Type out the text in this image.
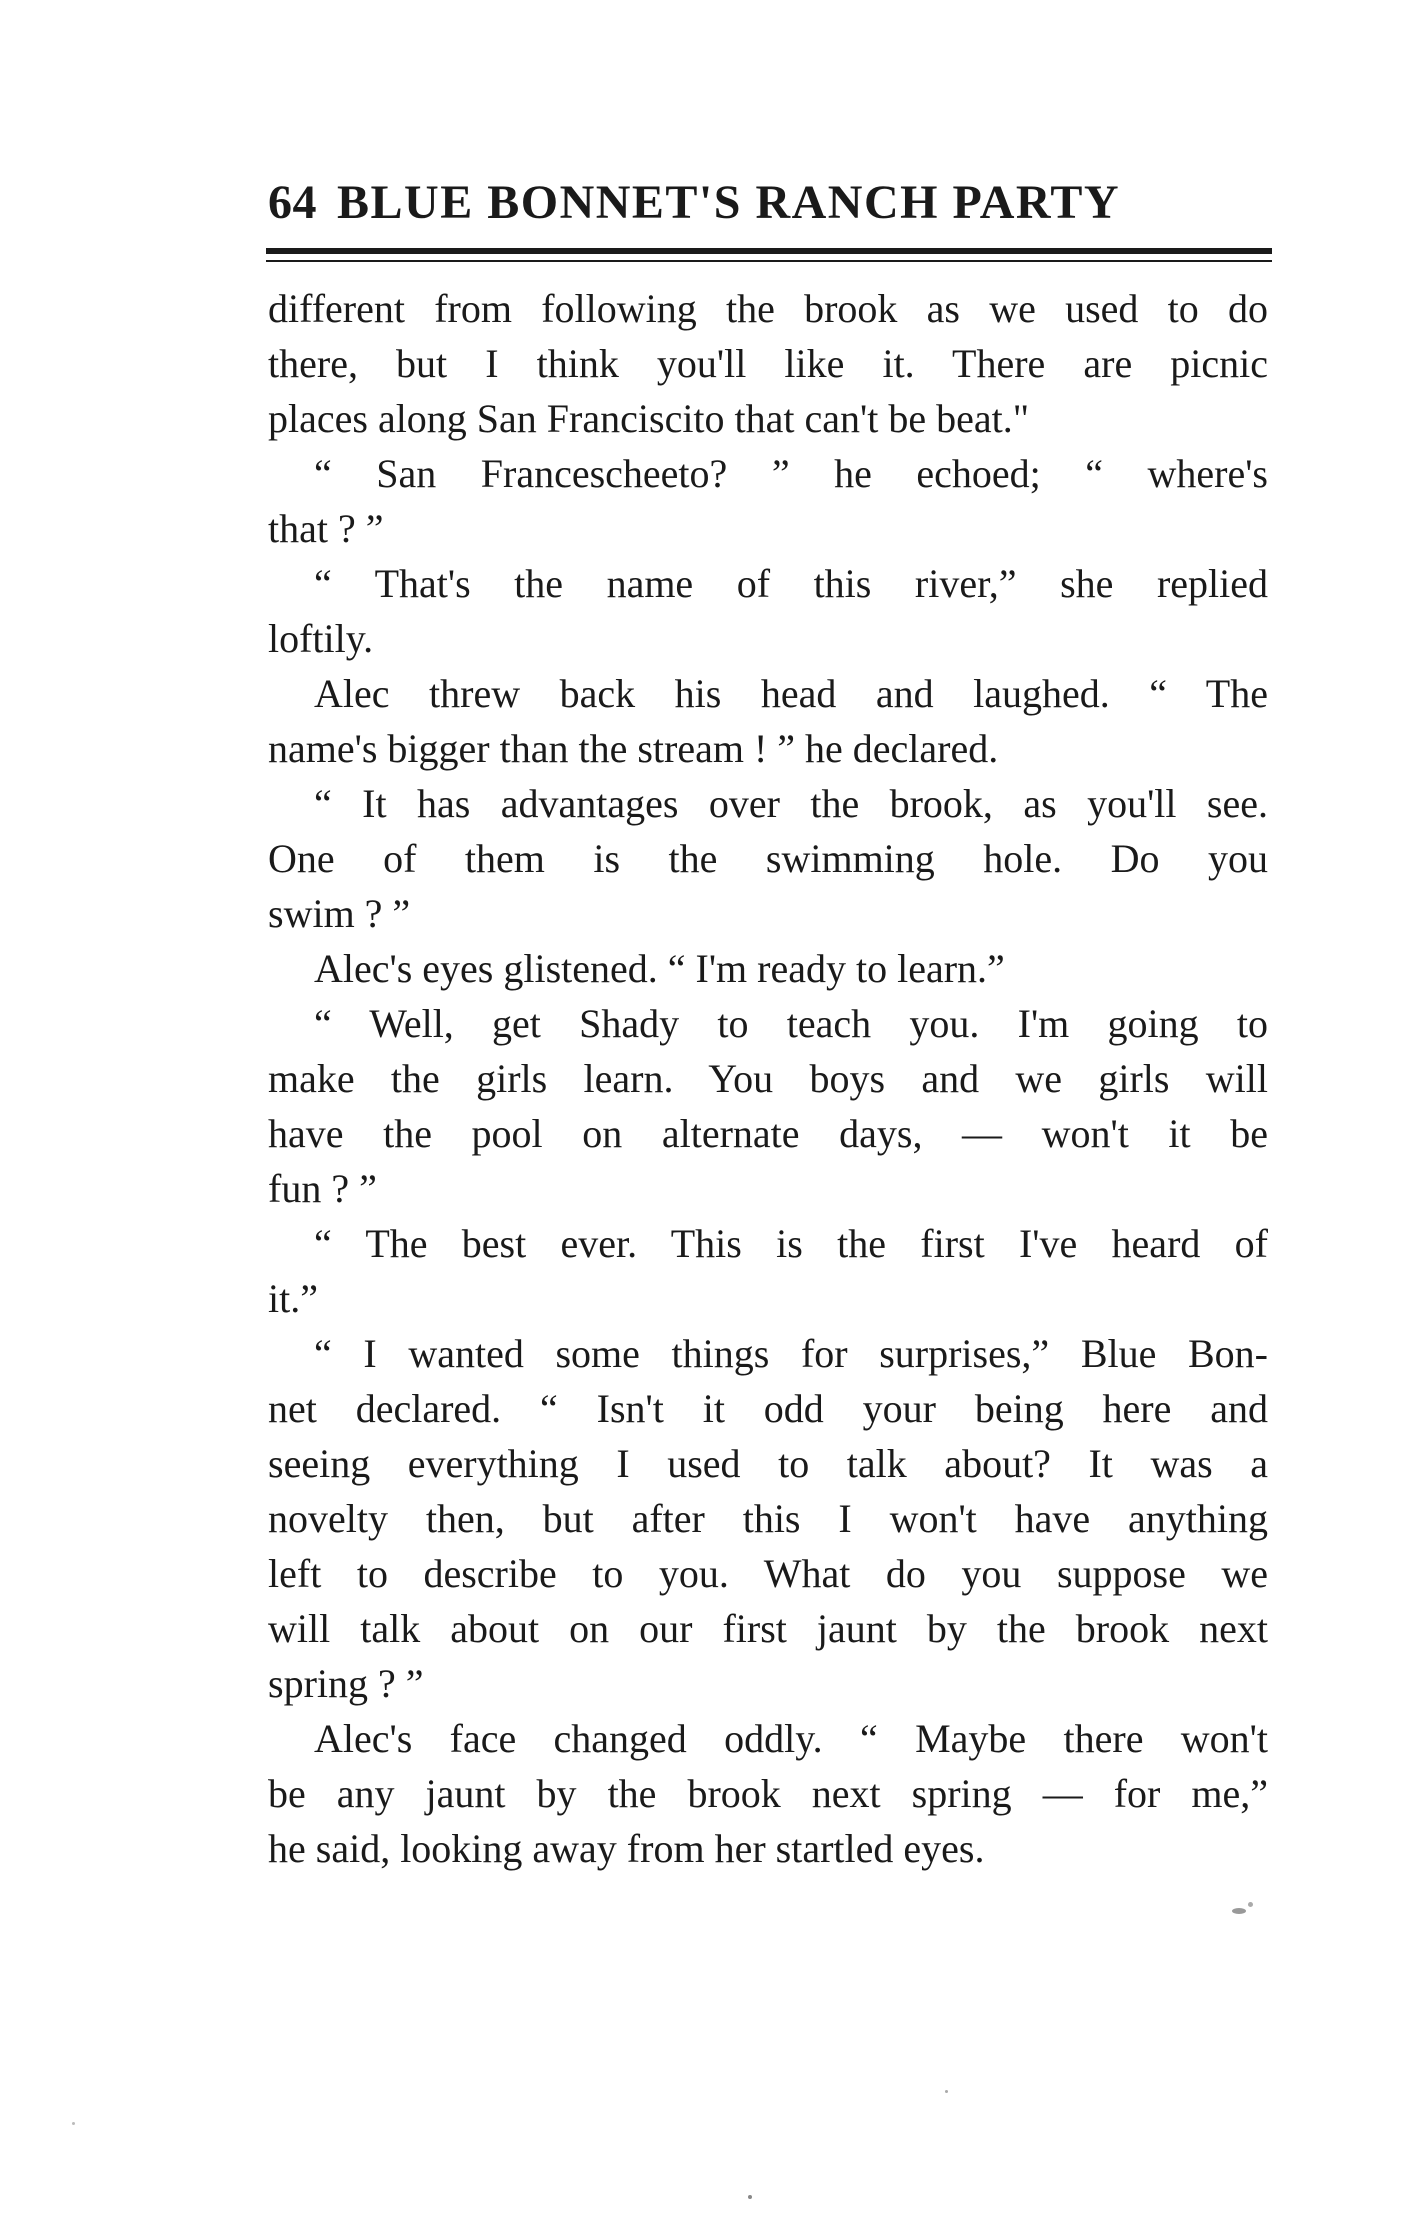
64 BLUE BONNET'S RANCH PARTY
different from following the brook as we used to do
there, but I think you'll like it. There are picnic
places along San Franciscito that can't be beat."
“ San Francescheeto? ” he echoed; “ where's
that ? ”
“ That's the name of this river,” she replied
loftily.
Alec threw back his head and laughed. “ The
name's bigger than the stream ! ” he declared.
“ It has advantages over the brook, as you'll see.
One of them is the swimming hole. Do you
swim ? ”
Alec's eyes glistened. “ I'm ready to learn.”
“ Well, get Shady to teach you. I'm going to
make the girls learn. You boys and we girls will
have the pool on alternate days, — won't it be
fun ? ”
“ The best ever. This is the first I've heard of
it.”
“ I wanted some things for surprises,” Blue Bon-
net declared. “ Isn't it odd your being here and
seeing everything I used to talk about? It was a
novelty then, but after this I won't have anything
left to describe to you. What do you suppose we
will talk about on our first jaunt by the brook next
spring ? ”
Alec's face changed oddly. “ Maybe there won't
be any jaunt by the brook next spring — for me,”
he said, looking away from her startled eyes.
